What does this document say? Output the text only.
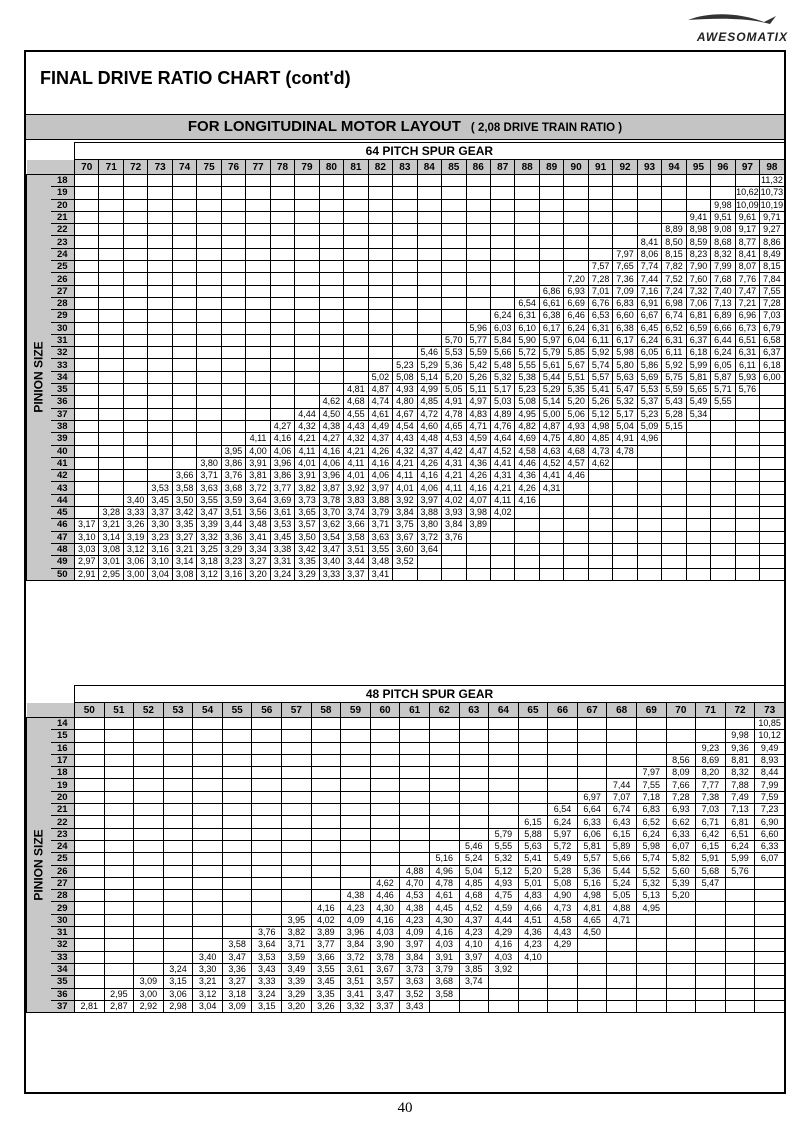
AWESOMATIX
FINAL DRIVE RATIO CHART (cont'd)
FOR LONGITUDINAL MOTOR LAYOUT ( 2,08 DRIVE TRAIN RATIO )
		64 PITCH SPUR GEAR																												
		70	71	72	73	74	75	76	77	78	79	80	81	82	83	84	85	86	87	88	89	90	91	92	93	94	95	96	97	98

PINION SIZE	18																													11,32
	19																												10,62	10,73
	20																											9,98	10,09	10,19
	21																										9,41	9,51	9,61	9,71
	22																									8,89	8,98	9,08	9,17	9,27
	23																								8,41	8,50	8,59	8,68	8,77	8,86
	24																							7,97	8,06	8,15	8,23	8,32	8,41	8,49
	25																						7,57	7,65	7,74	7,82	7,90	7,99	8,07	8,15
	26																					7,20	7,28	7,36	7,44	7,52	7,60	7,68	7,76	7,84
	27																				6,86	6,93	7,01	7,09	7,16	7,24	7,32	7,40	7,47	7,55
	28																			6,54	6,61	6,69	6,76	6,83	6,91	6,98	7,06	7,13	7,21	7,28
	29																		6,24	6,31	6,38	6,46	6,53	6,60	6,67	6,74	6,81	6,89	6,96	7,03
	30																	5,96	6,03	6,10	6,17	6,24	6,31	6,38	6,45	6,52	6,59	6,66	6,73	6,79
	31																5,70	5,77	5,84	5,90	5,97	6,04	6,11	6,17	6,24	6,31	6,37	6,44	6,51	6,58
	32															5,46	5,53	5,59	5,66	5,72	5,79	5,85	5,92	5,98	6,05	6,11	6,18	6,24	6,31	6,37
	33														5,23	5,29	5,36	5,42	5,48	5,55	5,61	5,67	5,74	5,80	5,86	5,92	5,99	6,05	6,11	6,18
	34													5,02	5,08	5,14	5,20	5,26	5,32	5,38	5,44	5,51	5,57	5,63	5,69	5,75	5,81	5,87	5,93	6,00
	35												4,81	4,87	4,93	4,99	5,05	5,11	5,17	5,23	5,29	5,35	5,41	5,47	5,53	5,59	5,65	5,71	5,76	
	36											4,62	4,68	4,74	4,80	4,85	4,91	4,97	5,03	5,08	5,14	5,20	5,26	5,32	5,37	5,43	5,49	5,55		
	37										4,44	4,50	4,55	4,61	4,67	4,72	4,78	4,83	4,89	4,95	5,00	5,06	5,12	5,17	5,23	5,28	5,34			
	38									4,27	4,32	4,38	4,43	4,49	4,54	4,60	4,65	4,71	4,76	4,82	4,87	4,93	4,98	5,04	5,09	5,15				
	39								4,11	4,16	4,21	4,27	4,32	4,37	4,43	4,48	4,53	4,59	4,64	4,69	4,75	4,80	4,85	4,91	4,96					
	40							3,95	4,00	4,06	4,11	4,16	4,21	4,26	4,32	4,37	4,42	4,47	4,52	4,58	4,63	4,68	4,73	4,78						
	41						3,80	3,86	3,91	3,96	4,01	4,06	4,11	4,16	4,21	4,26	4,31	4,36	4,41	4,46	4,52	4,57	4,62							
	42					3,66	3,71	3,76	3,81	3,86	3,91	3,96	4,01	4,06	4,11	4,16	4,21	4,26	4,31	4,36	4,41	4,46								
	43				3,53	3,58	3,63	3,68	3,72	3,77	3,82	3,87	3,92	3,97	4,01	4,06	4,11	4,16	4,21	4,26	4,31									
	44			3,40	3,45	3,50	3,55	3,59	3,64	3,69	3,73	3,78	3,83	3,88	3,92	3,97	4,02	4,07	4,11	4,16										
	45		3,28	3,33	3,37	3,42	3,47	3,51	3,56	3,61	3,65	3,70	3,74	3,79	3,84	3,88	3,93	3,98	4,02											
	46	3,17	3,21	3,26	3,30	3,35	3,39	3,44	3,48	3,53	3,57	3,62	3,66	3,71	3,75	3,80	3,84	3,89												
	47	3,10	3,14	3,19	3,23	3,27	3,32	3,36	3,41	3,45	3,50	3,54	3,58	3,63	3,67	3,72	3,76													
	48	3,03	3,08	3,12	3,16	3,21	3,25	3,29	3,34	3,38	3,42	3,47	3,51	3,55	3,60	3,64														
	49	2,97	3,01	3,06	3,10	3,14	3,18	3,23	3,27	3,31	3,35	3,40	3,44	3,48	3,52															
	50	2,91	2,95	3,00	3,04	3,08	3,12	3,16	3,20	3,24	3,29	3,33	3,37	3,41																
		48 PITCH SPUR GEAR																							
		50	51	52	53	54	55	56	57	58	59	60	61	62	63	64	65	66	67	68	69	70	71	72	73

PINION SIZE	14																								10,85
	15																							9,98	10,12
	16																						9,23	9,36	9,49
	17																					8,56	8,69	8,81	8,93
	18																				7,97	8,09	8,20	8,32	8,44
	19																			7,44	7,55	7,66	7,77	7,88	7,99
	20																		6,97	7,07	7,18	7,28	7,38	7,49	7,59
	21																	6,54	6,64	6,74	6,83	6,93	7,03	7,13	7,23
	22																6,15	6,24	6,33	6,43	6,52	6,62	6,71	6,81	6,90
	23															5,79	5,88	5,97	6,06	6,15	6,24	6,33	6,42	6,51	6,60
	24														5,46	5,55	5,63	5,72	5,81	5,89	5,98	6,07	6,15	6,24	6,33
	25													5,16	5,24	5,32	5,41	5,49	5,57	5,66	5,74	5,82	5,91	5,99	6,07
	26												4,88	4,96	5,04	5,12	5,20	5,28	5,36	5,44	5,52	5,60	5,68	5,76	
	27											4,62	4,70	4,78	4,85	4,93	5,01	5,08	5,16	5,24	5,32	5,39	5,47		
	28										4,38	4,46	4,53	4,61	4,68	4,75	4,83	4,90	4,98	5,05	5,13	5,20			
	29									4,16	4,23	4,30	4,38	4,45	4,52	4,59	4,66	4,73	4,81	4,88	4,95				
	30								3,95	4,02	4,09	4,16	4,23	4,30	4,37	4,44	4,51	4,58	4,65	4,71					
	31							3,76	3,82	3,89	3,96	4,03	4,09	4,16	4,23	4,29	4,36	4,43	4,50						
	32						3,58	3,64	3,71	3,77	3,84	3,90	3,97	4,03	4,10	4,16	4,23	4,29							
	33					3,40	3,47	3,53	3,59	3,66	3,72	3,78	3,84	3,91	3,97	4,03	4,10								
	34				3,24	3,30	3,36	3,43	3,49	3,55	3,61	3,67	3,73	3,79	3,85	3,92									
	35			3,09	3,15	3,21	3,27	3,33	3,39	3,45	3,51	3,57	3,63	3,68	3,74										
	36		2,95	3,00	3,06	3,12	3,18	3,24	3,29	3,35	3,41	3,47	3,52	3,58											
	37	2,81	2,87	2,92	2,98	3,04	3,09	3,15	3,20	3,26	3,32	3,37	3,43												
40
